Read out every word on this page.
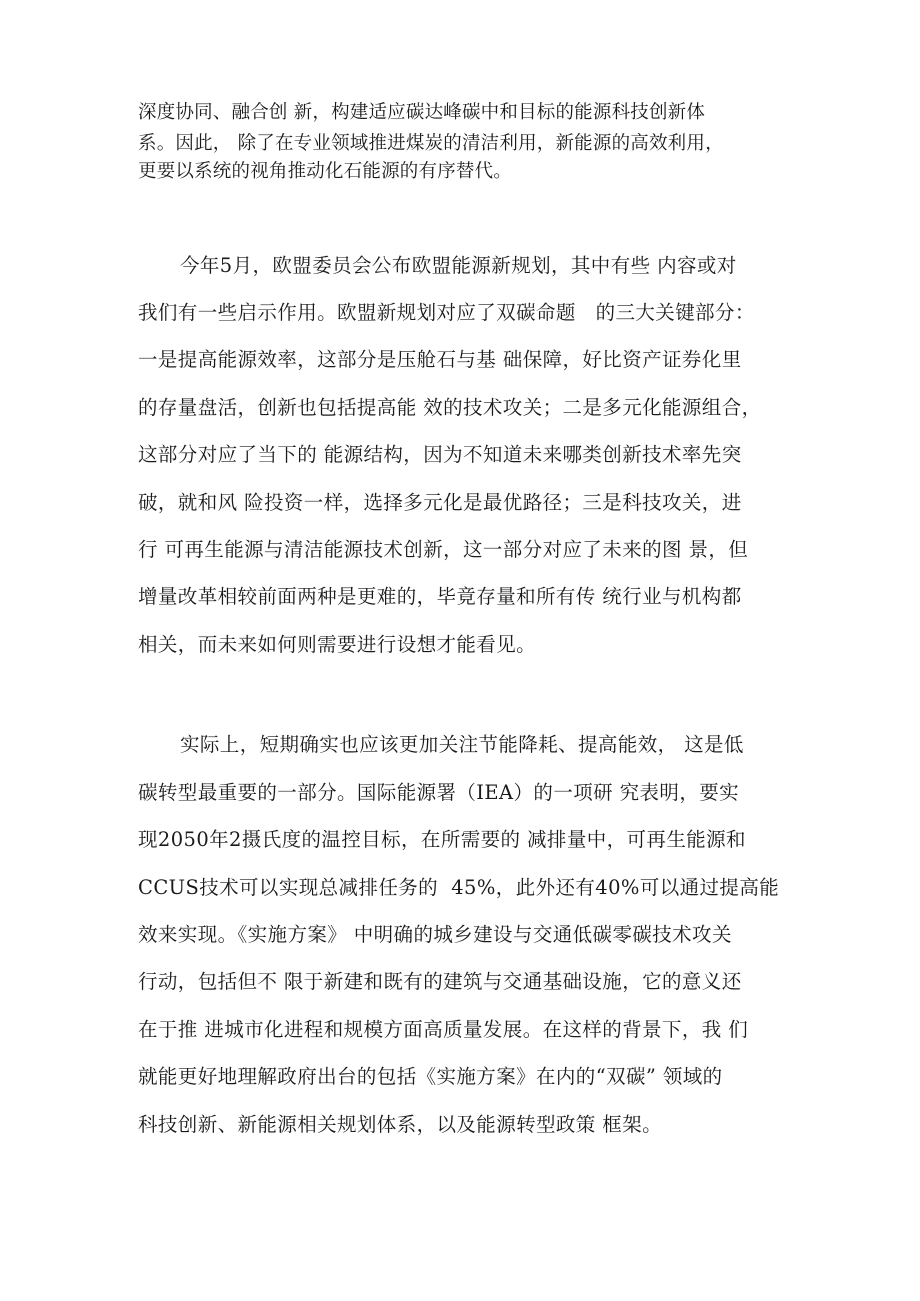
深度协同、融合创 新，构建适应碳达峰碳中和目标的能源科技创新体

系。因此， 除了在专业领域推进煤炭的清洁利用，新能源的高效利用，

更要以系统的视角推动化石能源的有序替代。

今年5月，欧盟委员会公布欧盟能源新规划，其中有些 内容或对

我们有一些启示作用。欧盟新规划对应了双碳命题   的三大关键部分：

一是提高能源效率，这部分是压舱石与基 础保障，好比资产证券化里

的存量盘活，创新也包括提高能 效的技术攻关；二是多元化能源组合，

这部分对应了当下的 能源结构，因为不知道未来哪类创新技术率先突

破，就和风 险投资一样，选择多元化是最优路径；三是科技攻关，进

行 可再生能源与清洁能源技术创新，这一部分对应了未来的图 景，但

增量改革相较前面两种是更难的，毕竟存量和所有传 统行业与机构都

相关，而未来如何则需要进行设想才能看见。

实际上，短期确实也应该更加关注节能降耗、提高能效， 这是低

碳转型最重要的一部分。国际能源署（IEA）的一项研 究表明，要实

现2050年2摄氏度的温控目标，在所需要的 减排量中，可再生能源和

CCUS技术可以实现总减排任务的  45%，此外还有40%可以通过提高能

效来实现。《实施方案》 中明确的城乡建设与交通低碳零碳技术攻关

行动，包括但不 限于新建和既有的建筑与交通基础设施，它的意义还

在于推 进城市化进程和规模方面高质量发展。在这样的背景下，我 们

就能更好地理解政府出台的包括《实施方案》在内的“双碳” 领域的

科技创新、新能源相关规划体系，以及能源转型政策 框架。
